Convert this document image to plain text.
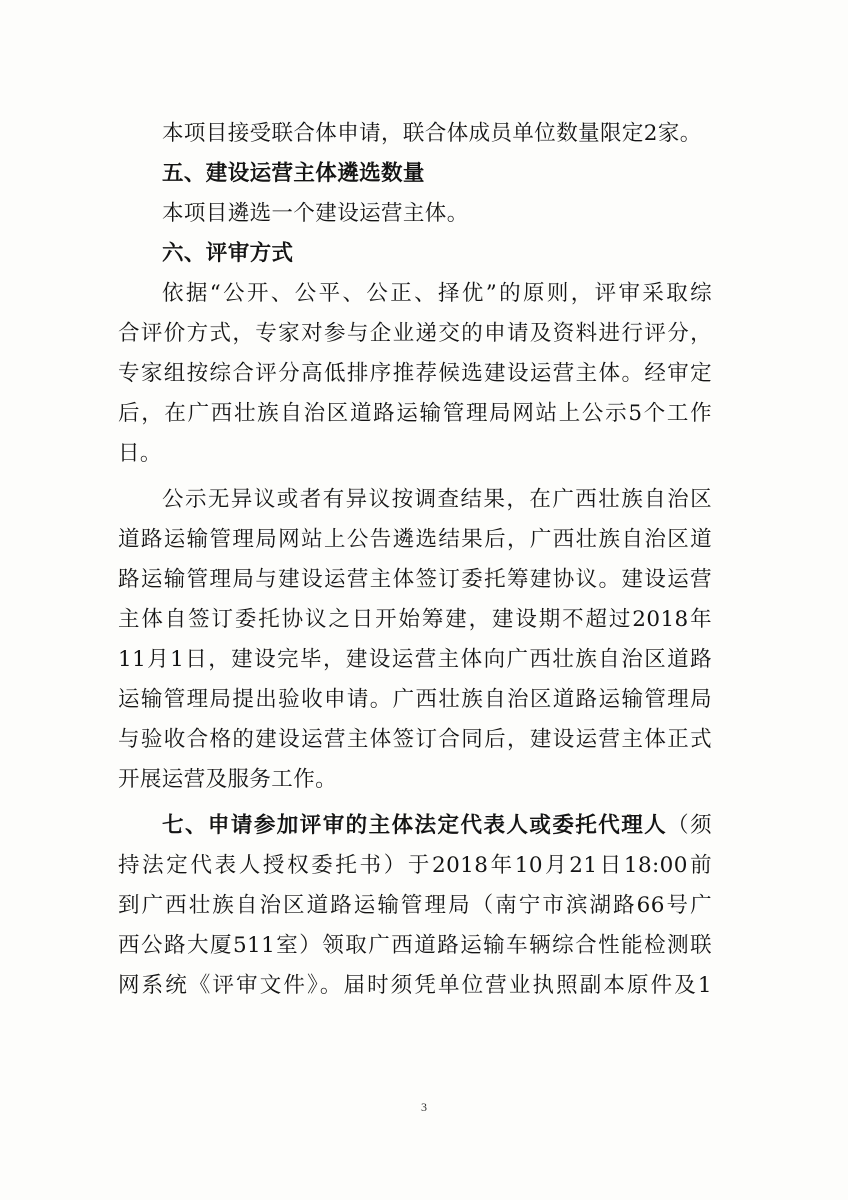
本项目接受联合体申请，联合体成员单位数量限定2家。
五、建设运营主体遴选数量
本项目遴选一个建设运营主体。
六、评审方式
依据“公开、公平、公正、择优”的原则，评审采取综
合评价方式，专家对参与企业递交的申请及资料进行评分，
专家组按综合评分高低排序推荐候选建设运营主体。经审定
后，在广西壮族自治区道路运输管理局网站上公示5个工作
日。
公示无异议或者有异议按调查结果，在广西壮族自治区
道路运输管理局网站上公告遴选结果后，广西壮族自治区道
路运输管理局与建设运营主体签订委托筹建协议。建设运营
主体自签订委托协议之日开始筹建，建设期不超过2018年
11月1日，建设完毕，建设运营主体向广西壮族自治区道路
运输管理局提出验收申请。广西壮族自治区道路运输管理局
与验收合格的建设运营主体签订合同后，建设运营主体正式
开展运营及服务工作。
七、申请参加评审的主体法定代表人或委托代理人（须
持法定代表人授权委托书）于2018年10月21日18:00前
到广西壮族自治区道路运输管理局（南宁市滨湖路66号广
西公路大厦511室）领取广西道路运输车辆综合性能检测联
网系统《评审文件》。届时须凭单位营业执照副本原件及1
3
